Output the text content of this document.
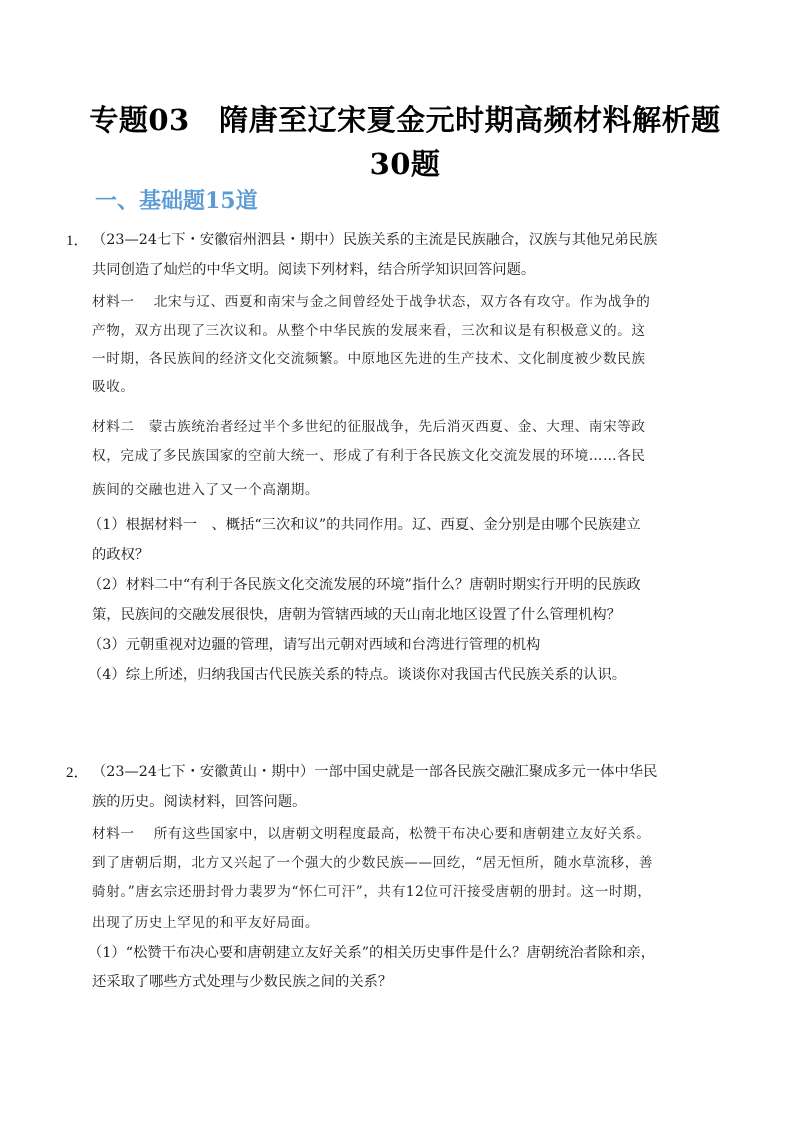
专题03　隋唐至辽宋夏金元时期高频材料解析题
30题
一、基础题15道
1． （23—24七下・安徽宿州泗县・期中）民族关系的主流是民族融合，汉族与其他兄弟民族
共同创造了灿烂的中华文明。阅读下列材料，结合所学知识回答问题。
材料一　 北宋与辽、西夏和南宋与金之间曾经处于战争状态，双方各有攻守。作为战争的
产物，双方出现了三次议和。从整个中华民族的发展来看，三次和议是有积极意义的。这
一时期，各民族间的经济文化交流频繁。中原地区先进的生产技术、文化制度被少数民族
吸收。
材料二　蒙古族统治者经过半个多世纪的征服战争，先后消灭西夏、金、大理、南宋等政
权，完成了多民族国家的空前大统一、形成了有利于各民族文化交流发展的环境……各民
族间的交融也进入了又一个高潮期。
（1）根据材料一　、概括“三次和议”的共同作用。辽、西夏、金分别是由哪个民族建立
的政权？
（2）材料二中“有利于各民族文化交流发展的环境”指什么？唐朝时期实行开明的民族政
策，民族间的交融发展很快，唐朝为管辖西域的天山南北地区设置了什么管理机构？
（3）元朝重视对边疆的管理，请写出元朝对西域和台湾进行管理的机构
（4）综上所述，归纳我国古代民族关系的特点。谈谈你对我国古代民族关系的认识。
2． （23—24七下・安徽黄山・期中）一部中国史就是一部各民族交融汇聚成多元一体中华民
族的历史。阅读材料，回答问题。
材料一　 所有这些国家中，以唐朝文明程度最高，松赞干布决心要和唐朝建立友好关系。
到了唐朝后期，北方又兴起了一个强大的少数民族——回纥，“居无恒所，随水草流移，善
骑射。”唐玄宗还册封骨力裴罗为“怀仁可汗”，共有12位可汗接受唐朝的册封。这一时期，
出现了历史上罕见的和平友好局面。
（1）“松赞干布决心要和唐朝建立友好关系”的相关历史事件是什么？唐朝统治者除和亲，
还采取了哪些方式处理与少数民族之间的关系？
